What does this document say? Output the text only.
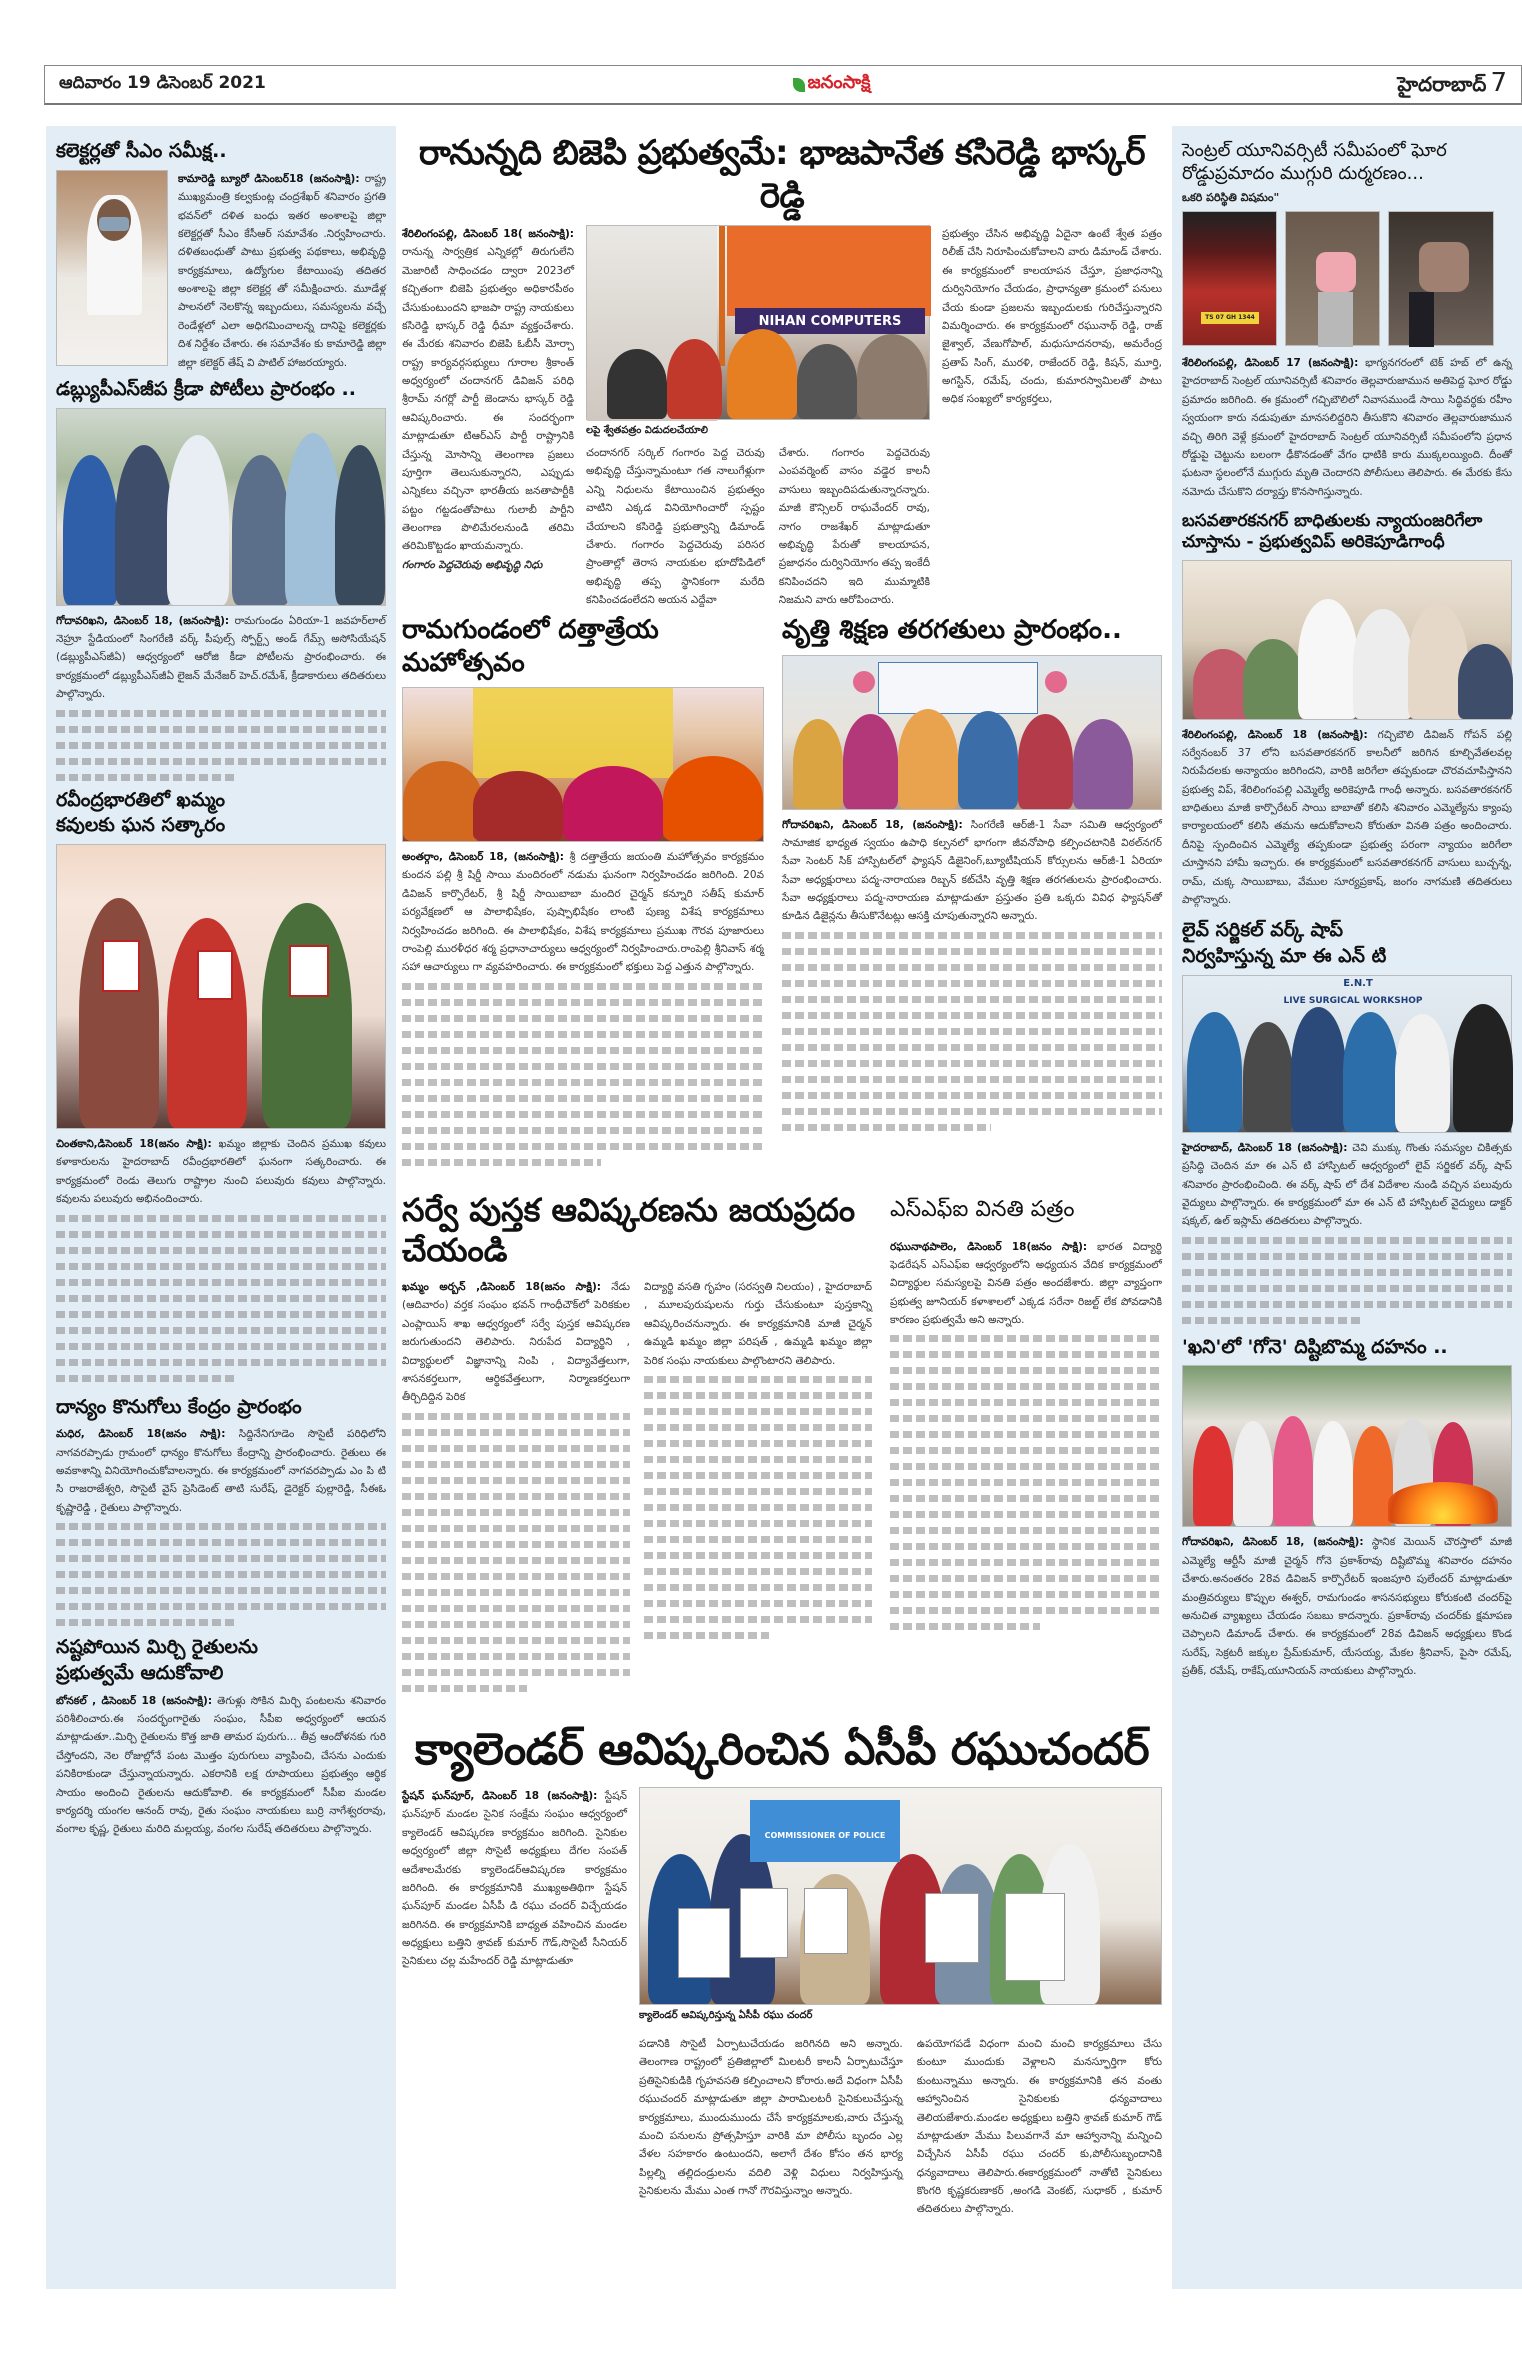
ఆదివారం 19 డిసెంబర్ 2021	జనంసాక్షి	హైదరాబాద్ 7
కలెక్టర్లతో సీఎం సమీక్ష..

కామారెడ్డి బ్యూరో డిసెంబర్18 (జనంసాక్షి): రాష్ట్ర ముఖ్యమంత్రి కల్వకుంట్ల చంద్రశేఖర్ శనివారం ప్రగతి భవన్‌లో దళిత బంధు ఇతర అంశాలపై జిల్లా కలెక్టర్లతో సీఎం కేసీఆర్ సమావేశం .నిర్వహించారు. దళితబంధుతో పాటు ప్రభుత్వ పథకాలు, అభివృద్ధి కార్యక్రమాలు, ఉద్యోగుల కేటాయింపు తదితర అంశాలపై జిల్లా కలెక్టర్ల తో సమీక్షించారు. మూడేళ్ల పాలనలో నెలకొన్న ఇబ్బందులు, సమస్యలను వచ్చే రెండేళ్లలో ఎలా అధిగమించాలన్న దానిపై కలెక్టర్లకు దిశ నిర్దేశం చేశారు. ఈ సమావేశం కు కామారెడ్డి జిల్లా జిల్లా కలెక్టర్ తేష్ వి పాటిల్ హాజరయ్యారు.

డబ్ల్యుపీఎస్‌జీప క్రీడా పోటీలు ప్రారంభం ..

గోదావరిఖని, డిసెంబర్ 18, (జనంసాక్షి): రామగుండం ఏరియా-1 జవహర్‌లాల్ నెహ్రూ స్టేడియంలో సింగరేణి వర్క్ పీపుల్స్ స్పోర్ట్స్ అండ్ గేమ్స్ అసోసియేషన్ (డబ్ల్యుపీఎస్‌జీఏ) ఆధ్వర్యంలో ఆరోజి కీడా పోటీలను ప్రారంభించారు. ఈ కార్యక్రమంలో డబ్ల్యుపీఎస్‌జీఏ లైజన్ మేనేజర్ హెచ్.రమేశ్, క్రీడాకారులు తదితరులు పాల్గొన్నారు.

రవీంద్రభారతిలో ఖమ్మం
కవులకు ఘన సత్కారం

చింతకాని,డిసెంబర్ 18(జనం సాక్షి): ఖమ్మం జిల్లాకు చెందిన ప్రముఖ కవులు కళాకారులను హైదరాబాద్ రవీంద్రభారతిలో ఘనంగా సత్కరించారు. ఈ కార్యక్రమంలో రెండు తెలుగు రాష్ట్రాల నుంచి పలువురు కవులు పాల్గొన్నారు. కవులను పలువురు అభినందించారు.

దాన్యం కొనుగోలు కేంద్రం ప్రారంభం

మధిర, డిసెంబర్ 18(జనం సాక్షి): సిద్దినేనిగూడెం సొసైటీ పరిధిలోని నాగవరప్పాడు గ్రామంలో ధాన్యం కొనుగోలు కేంద్రాన్ని ప్రారంభించారు. రైతులు ఈ అవకాశాన్ని వినియోగించుకోవాలన్నారు. ఈ కార్యక్రమంలో నాగవరప్పాడు ఎం పి టి సి రాజరాజేశ్వరి, సొసైటీ వైస్ ప్రెసిడెంట్ తాటి సురేష్, డైరెక్టర్ పుల్లారెడ్డి, సీఈఓ కృష్ణారెడ్డి , రైతులు పాల్గొన్నారు.

నష్టపోయిన మిర్చి రైతులను
ప్రభుత్వమే ఆదుకోవాలి

బోనకల్ , డిసెంబర్ 18 (జనంసాక్షి): తెగుళ్లు సోకిన మిర్చి పంటలను శనివారం పరిశీలించారు.ఈ సందర్భంగారైతు సంఘం, సీపీఐ అధ్వర్యంలో ఆయన మాట్లాడుతూ..మిర్చి రైతులను కొత్త జాతి తామర పురుగు... తీవ్ర ఆందోళనకు గురి చేస్తోందని, నెల రోజుల్లోనే పంట మొత్తం పురుగులు వ్యాపించి, చేసను ఎందుకు పనికిరాకుండా చేస్తున్నాయన్నారు. ఎకరానికి లక్ష రూపాయలు ప్రభుత్వం ఆర్థిక సాయం అందించి రైతులను ఆదుకోవాలి. ఈ కార్యక్రమంలో సీపీఐ మండల కార్యదర్శి యంగల ఆనంద్ రావు, రైతు సంఘం నాయకులు బుర్రి నాగేశ్వరరావు, వంగాల కృష్ణ, రైతులు మరిది మల్లయ్య, వంగల సురేష్ తదితరులు పాల్గొన్నారు.

రానున్నది బిజెపి ప్రభుత్వమే: భాజపానేత కసిరెడ్డి భాస్కర్ రెడ్డి

శేరిలింగంపల్లి, డిసెంబర్ 18( జనంసాక్షి): రానున్న సార్వత్రిక ఎన్నికల్లో తిరుగులేని మెజారిటీ సాధించడం ద్వారా 2023లో కచ్చితంగా బిజెపి ప్రభుత్వం అధికారపీఠం చేసుకుంటుందని భాజపా రాష్ట్ర నాయకులు కసిరెడ్డి భాస్కర్ రెడ్డి ధీమా వ్యక్తంచేశారు. ఈ మేరకు శనివారం బిజెపి ఓబీసీ మోర్చా రాష్ట్ర కార్యవర్గసభ్యులు గూరాల శ్రీకాంత్ అధ్వర్యంలో చందానగర్ డివిజన్ పరిధి శ్రీరామ్ నగర్లో పార్టీ జెండాను భాస్కర్ రెడ్డి ఆవిష్కరించారు. ఈ సందర్భంగా మాట్లాడుతూ టిఆర్ఎస్ పార్టీ రాష్ట్రానికి చేస్తున్న మోసాన్ని తెలంగాణ ప్రజలు పూర్తిగా తెలుసుకున్నారని, ఎప్పుడు ఎన్నికలు వచ్చినా భారతీయ జనతాపార్టీకి పట్టం గట్టడంతోపాటు గులాబీ పార్టీని తెలంగాణ పొలిమేరలనుండి తరిమి తరిమికొట్టడం ఖాయమన్నారు.

గంగారం పెద్దచెరువు అభివృద్ధి నిధు

NIHAN COMPUTERS

లపై శ్వేతపత్రం విడుదలచేయాలి

చందానగర్ సర్కిల్ గంగారం పెద్ద చెరువు అభివృద్ధి చేస్తున్నామంటూ గత నాలుగేళ్లుగా ఎన్ని నిధులను కేటాయించిన ప్రభుత్వం వాటిని ఎక్కడ వినియోగించారో స్పష్టం చేయాలని కసిరెడ్డి ప్రభుత్వాన్ని డిమాండ్ చేశారు. గంగారం పెద్దచెరువు పరిసర ప్రాంతాల్లో తెరాస నాయకుల భూదోపిడిలో అభివృద్ధి తప్ప స్థానికంగా మరేది కనిపించడంలేదని అయన ఎద్దేవా

చేశారు. గంగారం పెద్దచెరువు ఎంపవర్మెంట్ వాసం వడ్డెర కాలనీ వాసులు ఇబ్బందిపడుతున్నారన్నారు. మాజీ కౌన్సిలర్ రాఘవేందర్ రావు, నాగం రాజశేఖర్ మాట్లాడుతూ అభివృద్ధి పేరుతో కాలయాపన, ప్రజాధనం దుర్వినియోగం తప్ప ఇంకేదీ కనిపించదని ఇది ముమ్మాటికి నిజమని వారు ఆరోపించారు.

ప్రభుత్వం చేసిన అభివృద్ధి ఏదైనా ఉంటే శ్వేత పత్రం రిలీజ్ చేసి నిరూపించుకోవాలని వారు డిమాండ్ చేశారు. ఈ కార్యక్రమంలో కాలయాపన చేస్తూ, ప్రజాధనాన్ని దుర్వినియోగం చేయడం, ప్రాధాన్యతా క్రమంలో పనులు చేయ కుండా ప్రజలను ఇబ్బందులకు గురిచేస్తున్నారని విమర్శించారు. ఈ కార్యక్రమంలో రఘునాథ్ రెడ్డి, రాజ్ జైశ్వాల్, వేణుగోపాల్, మధుసూదనరావు, అమరేంద్ర ప్రతాప్ సింగ్, మురళి, రాజేందర్ రెడ్డి, కిషన్, మూర్తి, అగస్టిన్, రమేష్, చందు, కుమారస్వామిలతో పాటు అధిక సంఖ్యలో కార్యకర్తలు,

రామగుండంలో దత్తాత్రేయ మహోత్సవం

అంతర్గాం, డిసెంబర్ 18, (జనంసాక్షి): శ్రీ దత్తాత్రేయ జయంతి మహోత్సవం కార్యక్రమం కుందన పల్లి శ్రీ షిర్డీ సాయి మందిరంలో నడుమ ఘనంగా నిర్వహించడం జరిగింది. 20వ డివిజన్ కార్పొరేటర్, శ్రీ షిర్డీ సాయిబాబా మందిర చైర్మన్ కన్నూరి సతీష్ కుమార్ పర్యవేక్షణలో ఆ పాలాభిషేకం, పుష్పాభిషేకం లాంటి పుణ్య విశేష కార్యక్రమాలు నిర్వహించడం జరిగింది. ఈ పాలాభిషేకం, విశేష కార్యక్రమాలు ప్రముఖ గౌరవ పూజారులు రాంపెల్లి మురళీధర శర్మ ప్రధానాచార్యులు ఆధ్వర్యంలో నిర్వహించారు.రాంపెల్లి శ్రీనివాస్ శర్మ సహా ఆచార్యులు గా వ్యవహరించారు. ఈ కార్యక్రమంలో భక్తులు పెద్ద ఎత్తున పాల్గొన్నారు.

వృత్తి శిక్షణ తరగతులు ప్రారంభం..

గోదావరిఖని, డిసెంబర్ 18, (జనంసాక్షి): సింగరేణి ఆర్‌జీ-1 సేవా సమితి ఆధ్వర్యంలో సామాజిక భాధ్యత స్వయం ఉపాధి కల్పనలో భాగంగా జీవనోపాధి కల్పించటానికి విఠల్‌నగర్ సేవా సెంటర్ సిక్ హాస్పిటల్‌లో ఫ్యాషన్ డిజైనింగ్,బ్యూటీషియన్ కోర్సులను ఆర్‌జీ-1 ఏరియా సేవా అధ్యక్షురాలు పద్మ-నారాయణ రిబ్బన్ కట్‌చేసి వృత్తి శిక్షణ తరగతులను ప్రారంభించారు. సేవా అధ్యక్షురాలు పద్మ-నారాయణ మాట్లాడుతూ ప్రస్తుతం ప్రతి ఒక్కరు వివిధ ఫ్యాషన్‌తో కూడిన డిజైన్లను తీసుకొనేటట్లు ఆసక్తి చూపుతున్నారని అన్నారు.

సర్వే పుస్తక ఆవిష్కరణను జయప్రదం చేయండి

ఖమ్మం అర్బన్ ,డిసెంబర్ 18(జనం సాక్షి): నేడు (ఆదివారం) వర్తక సంఘం భవన్ గాంధీచౌక్‌లో పెరికకుల ఎంప్లాయిస్ శాఖ ఆధ్వర్యంలో సర్వే పుస్తక ఆవిష్కరణ జరుగుతుందని తెలిపారు. నిరుపేద విద్యార్థిని , విద్యార్థులలో విజ్ఞానాన్ని నింపి , విద్యావేత్తలుగా, శాసనకర్తలుగా, ఆర్థికవేత్తలుగా, నిర్మాణకర్తలుగా తీర్చిదిద్దిన పెరిక

విద్యార్థి వసతి గృహం (సరస్వతి నిలయం) , హైదరాబాద్ , మూలపురుషులను గుర్తు చేసుకుంటూ పుస్తకాన్ని ఆవిష్కరించనున్నారు. ఈ కార్యక్రమానికి మాజీ చైర్మన్ ఉమ్మడి ఖమ్మం జిల్లా పరిషత్ , ఉమ్మడి ఖమ్మం జిల్లా పెరిక సంఘ నాయకులు పాల్గొంటారని తెలిపారు.

ఎస్ఎఫ్ఐ వినతి పత్రం

రఘునాథపాలెం, డిసెంబర్ 18(జనం సాక్షి): భారత విద్యార్థి ఫెడరేషన్ ఎస్ఎఫ్ఐ ఆధ్వర్యంలోని అధ్యయన వేదిక కార్యక్రమంలో విద్యార్థుల సమస్యలపై వినతి పత్రం అందజేశారు. జిల్లా వ్యాప్తంగా ప్రభుత్వ జూనియర్ కళాశాలలో ఎక్కడ సరేనా రిజల్ట్ లేక పోవడానికి కారణం ప్రభుత్వమే అని అన్నారు.

క్యాలెండర్ ఆవిష్కరించిన ఏసీపీ రఘుచందర్

స్టేషన్ ఘన్‌పూర్, డిసెంబర్ 18 (జనంసాక్షి): స్టేషన్ ఘన్‌పూర్ మండల సైనిక సంక్షేమ సంఘం ఆధ్వర్యంలో క్యాలెండర్ ఆవిష్కరణ కార్యక్రమం జరిగింది. సైనికుల అధ్వర్యంలో జిల్లా సొసైటీ అధ్యక్షులు దేగల సంపత్ ఆదేశాలమేరకు క్యాలెండర్‌ఆవిష్కరణ కార్యక్రమం జరిగింది. ఈ కార్యక్రమానికి ముఖ్యఅతిథిగా స్టేషన్ ఘన్‌పూర్ మండల ఏసీపీ డి రఘు చందర్ విచ్చేయడం జరిగినది. ఈ కార్యక్రమానికి బాధ్యత వహించిన మండల అధ్యక్షులు బత్తిని శ్రావణ్ కుమార్ గౌడ్,సొసైటీ సీనియర్ సైనికులు చల్ల మహేందర్ రెడ్డి మాట్లాడుతూ

COMMISSIONER OF POLICE

క్యాలెండర్ ఆవిష్కరిస్తున్న ఏసీపీ రఘు చందర్

పడానికి సొసైటీ ఏర్పాటుచేయడం జరిగినది అని అన్నారు. తెలంగాణ రాష్ట్రంలో ప్రతిజిల్లాలో మిలటరీ కాలనీ ఏర్పాటుచేస్తూ ప్రతిసైనికుడికి గృహవసతి కల్పించాలని కోరారు.అదే విధంగా ఏసీపీ రఘుచందర్ మాట్లాడుతూ జిల్లా పారామిలటరీ సైనికులుచేస్తున్న కార్యక్రమాలు, ముందుముందు చేసే కార్యక్రమాలకు,వారు చేస్తున్న మంచి పనులను ప్రోత్సహిస్తూ వారికి మా పోలీసు బృందం ఎల్ల వేళల సహకారం ఉంటుందని, అలాగే దేశం కోసం తన భార్య పిల్లల్ని తల్లిదండ్రులను వదిలి వెళ్లి విధులు నిర్వహిస్తున్న సైనికులను మేము ఎంత గానో గౌరవిస్తున్నాం అన్నారు.

ఉపయోగపడే విధంగా మంచి మంచి కార్యక్రమాలు చేసు కుంటూ ముందుకు వెళ్లాలని మనస్ఫూర్తిగా కోరు కుంటున్నాము అన్నారు. ఈ కార్యక్రమానికి తన వంతు ఆహ్వానించిన సైనికులకు ధన్యవాదాలు తెలియజేశారు.మండల అధ్యక్షులు బత్తిని శ్రావణ్ కుమార్ గౌడ్ మాట్లాడుతూ మేము పిలువగానే మా ఆహ్వానాన్ని మన్నించి విచ్చేసిన ఏసీపీ రఘు చందర్ కు,పోలీసుబృందానికి ధన్యవాదాలు తెలిపారు.ఈకార్యక్రమంలో నాతోటి సైనికులు కొంగరి కృష్ణకరుణాకర్ ,అంగడి వెంకట్, సుధాకర్ , కుమార్ తదితరులు పాల్గొన్నారు.

సెంట్రల్ యూనివర్సిటీ సమీపంలో ఘోర రోడ్డుప్రమాదం ముగ్గురి దుర్మరణం...

ఒకరి పరిస్థితి విషమం"

TS 07 GH 1344

శేరిలింగంపల్లి, డిసెంబర్ 17 (జనంసాక్షి): భాగ్యనగరంలో టెక్ హబ్ లో ఉన్న హైదరాబాద్ సెంట్రల్ యూనివర్సిటీ శనివారం తెల్లవారుజామున అతిపెద్ద ఘోర రోడ్డు ప్రమాదం జరిగింది. ఈ క్రమంలో గచ్చిబౌలిలో నివాసముండే సాయి సిద్ధివర్ధకు రహీం స్వయంగా కారు నడుపుతూ మానసలిద్దరిని తీసుకొని శనివారం తెల్లవారుజామున వచ్చి తిరిగి వెళ్లే క్రమంలో హైదరాబాద్ సెంట్రల్ యూనివర్సిటీ సమీపంలోని ప్రధాన రోడ్డుపై చెట్టును బలంగా ఢీకొనడంతో వేగం ధాటికి కారు ముక్కలయ్యింది. దీంతో ఘటనా స్థలంలోనే ముగ్గురు మృతి చెందారని పోలీసులు తెలిపారు. ఈ మేరకు కేసు నమోదు చేసుకొని దర్యాప్తు కొనసాగిస్తున్నారు.

బసవతారకనగర్ బాధితులకు న్యాయంజరిగేలా చూస్తాను - ప్రభుత్వవిప్ అరికెపూడిగాంధీ

శేరిలింగంపల్లి, డిసెంబర్ 18 (జనంసాక్షి): గచ్చిబౌలి డివిజన్ గోపన్ పల్లి సర్వేనంబర్ 37 లోని బసవతారకనగర్ కాలనీలో జరిగిన కూల్చివేతలవల్ల నిరుపేదలకు అన్యాయం జరిగిందని, వారికి జరిగేలా తప్పకుండా చొరవచూపిస్తానని ప్రభుత్వ విప్, శేరిలింగంపల్లి ఎమ్మెల్యే అరికెపూడి గాంధీ అన్నారు. బసవతారకనగర్ బాధితులు మాజీ కార్పొరేటర్ సాయి బాబాతో కలిసి శనివారం ఎమ్మెల్యేను క్యాంపు కార్యాలయంలో కలిసి తమను ఆదుకోవాలని కోరుతూ వినతి పత్రం అందించారు. దీనిపై స్పందించిన ఎమ్మెల్యే తప్పకుండా ప్రభుత్వ పరంగా న్యాయం జరిగేలా చూస్తానని హామీ ఇచ్చారు. ఈ కార్యక్రమంలో బసవతారకనగర్ వాసులు బుచ్చన్న, రామ్, చుక్క సాయిబాబు, వేముల సూర్యప్రకాష్, జంగం నాగమణి తదితరులు పాల్గొన్నారు.

లైవ్ సర్జికల్ వర్క్ షాప్
నిర్వహిస్తున్న మా ఈ ఎన్ టి
E.N.T
LIVE SURGICAL WORKSHOP

హైదరాబాద్, డిసెంబర్ 18 (జనంసాక్షి): చెవి ముక్కు గొంతు సమస్యల చికిత్సకు ప్రసిద్ధి చెందిన మా ఈ ఎన్ టి హాస్పిటల్ ఆధ్వర్యంలో లైవ్ సర్జికల్ వర్క్ షాప్ శనివారం ప్రారంభించింది. ఈ వర్క్ షాప్ లో దేశ విదేశాల నుండి వచ్చిన పలువురు వైద్యులు పాల్గొన్నారు. ఈ కార్యక్రమంలో మా ఈ ఎన్ టి హాస్పిటల్ వైద్యులు డాక్టర్ షక్కల్, ఉల్ ఇస్లామ్ తదితరులు పాల్గొన్నారు.

'ఖని'లో 'గోనె' దిష్టిబొమ్మ దహనం ..

గోదావరిఖని, డిసెంబర్ 18, (జనంసాక్షి): స్థానిక మెయిన్ చౌరస్తాలో మాజీ ఎమ్మెల్యే ఆర్టీసీ మాజీ చైర్మన్ గోనె ప్రకాశ్‌రావు దిష్టిబొమ్మ శనివారం దహనం చేశారు.అనంతరం 28వ డివిజన్ కార్పొరేటర్ ఇంజపూరి పులేందర్ మాట్లాడుతూ మంత్రివర్యులు కొప్పుల ఈశ్వర్, రామగుండం శాసనసభ్యులు కోరుకంటి చందర్‌పై అనుచిత వ్యాఖ్యలు చేయడం సబబు కాదన్నారు. ప్రకాశ్‌రావు చందర్‌కు క్షమాపణ చెప్పాలని డిమాండ్ చేశారు. ఈ కార్యక్రమంలో 28వ డివిజన్ అధ్యక్షులు కొండ సురేష్, సెక్రటరీ జక్కుల ప్రేమ్‌కుమార్, యేసయ్య, మేకల శ్రీనివాస్, పైసా రమేష్, ప్రతీక్, రమేష్, రాకేష్,యూనియన్ నాయకులు పాల్గొన్నారు.
